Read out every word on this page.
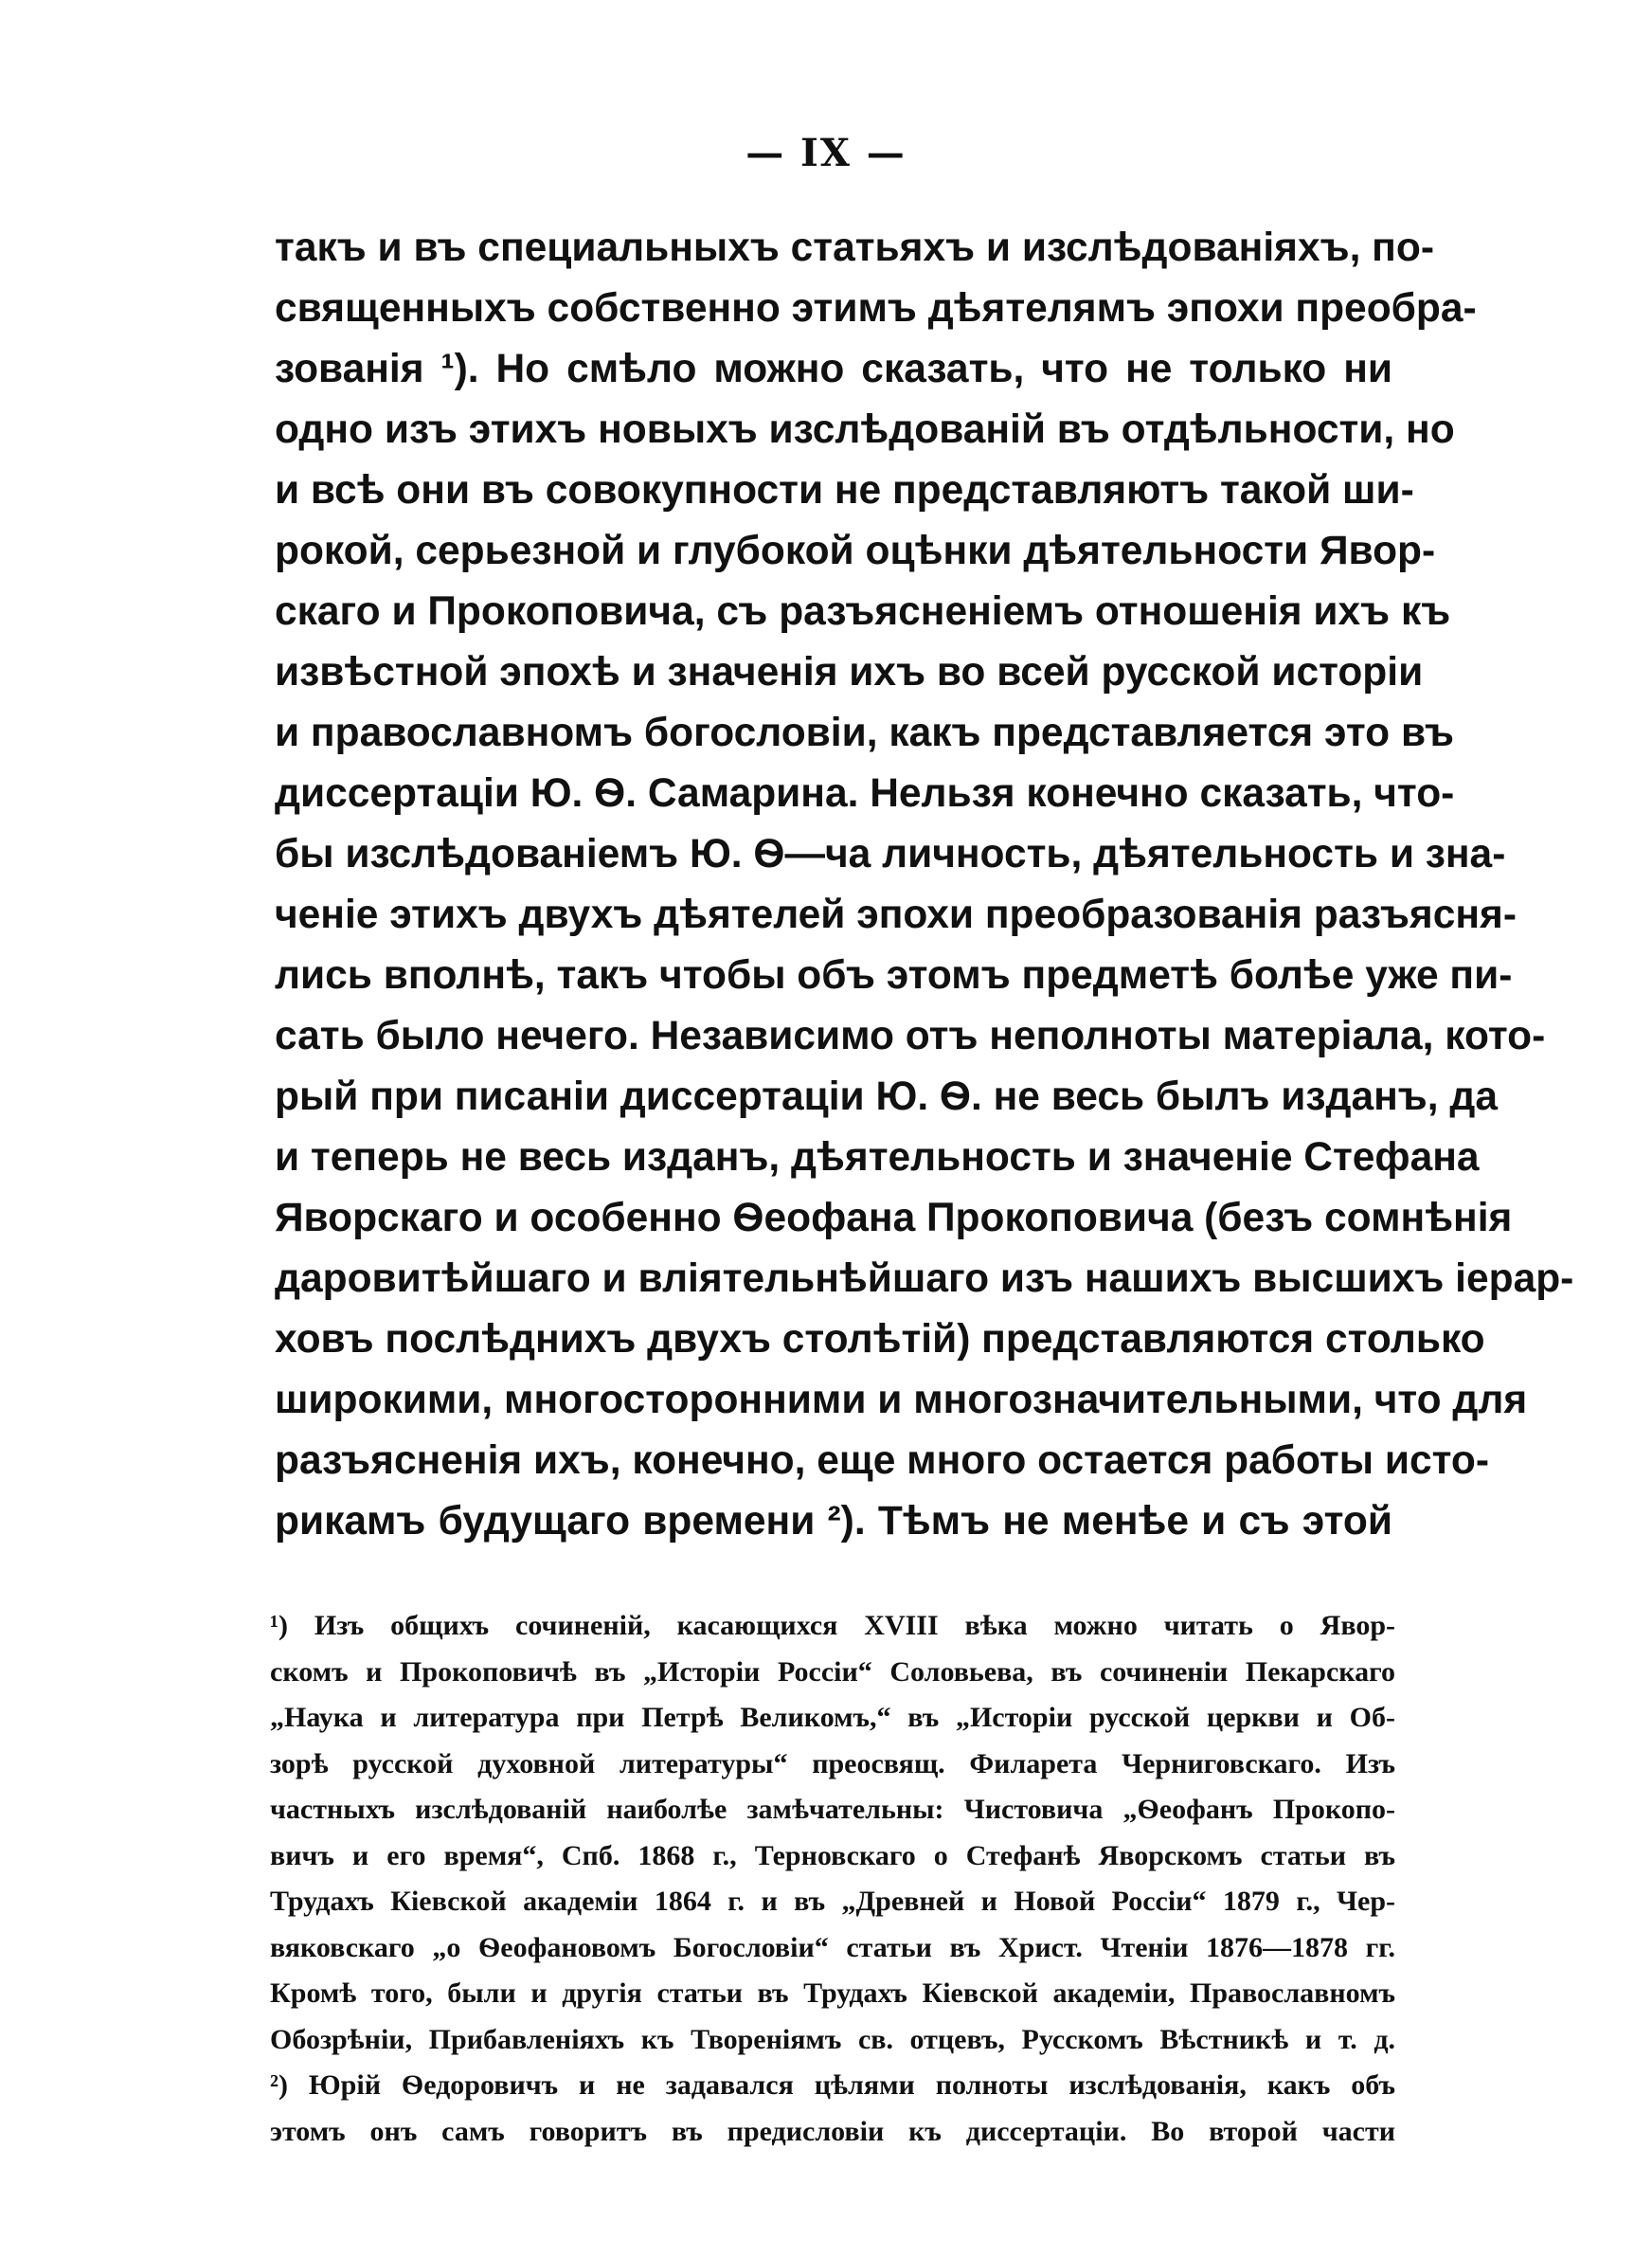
— IX —
такъ и въ специальныхъ статьяхъ и изслѣдованiяхъ, по-
священныхъ собственно этимъ дѣятелямъ эпохи преобра-
зованiя ¹). Но смѣло можно сказать, что не только ни
одно изъ этихъ новыхъ изслѣдованiй въ отдѣльности, но
и всѣ они въ совокупности не представляютъ такой ши-
рокой, серьезной и глубокой оцѣнки дѣятельности Явор-
скаго и Прокоповича, съ разъясненiемъ отношенiя ихъ къ
извѣстной эпохѣ и значенiя ихъ во всей русской исторiи
и православномъ богословiи, какъ представляется это въ
диссертацiи Ю. Ѳ. Самарина. Нельзя конечно сказать, что-
бы изслѣдованiемъ Ю. Ѳ—ча личность, дѣятельность и зна-
ченiе этихъ двухъ дѣятелей эпохи преобразованiя разъясня-
лись вполнѣ, такъ чтобы объ этомъ предметѣ болѣе уже пи-
сать было нечего. Независимо отъ неполноты матерiала, кото-
рый при писанiи диссертацiи Ю. Ѳ. не весь былъ изданъ, да
и теперь не весь изданъ, дѣятельность и значенiе Стефана
Яворскаго и особенно Ѳеофана Прокоповича (безъ сомнѣнiя
даровитѣйшаго и влiятельнѣйшаго изъ нашихъ высшихъ iерар-
ховъ послѣднихъ двухъ столѣтiй) представляются столько
широкими, многосторонними и многозначительными, что для
разъясненiя ихъ, конечно, еще много остается работы исто-
рикамъ будущаго времени ²). Тѣмъ не менѣе и съ этой
¹) Изъ общихъ сочиненiй, касающихся XVIII вѣка можно читать о Явор-
скомъ и Прокоповичѣ въ „Исторiи Россiи“ Соловьева, въ сочиненiи Пекарскаго
„Наука и литература при Петрѣ Великомъ,“ въ „Исторiи русской церкви и Об-
зорѣ русской духовной литературы“ преосвящ. Филарета Черниговскаго. Изъ
частныхъ изслѣдованiй наиболѣе замѣчательны: Чистовича „Ѳеофанъ Прокопо-
вичъ и его время“, Спб. 1868 г., Терновскаго о Стефанѣ Яворскомъ статьи въ
Трудахъ Кiевской академiи 1864 г. и въ „Древней и Новой Россiи“ 1879 г., Чер-
вяковскаго „о Ѳеофановомъ Богословiи“ статьи въ Христ. Чтенiи 1876—1878 гг.
Кромѣ того, были и другiя статьи въ Трудахъ Кiевской академiи, Православномъ
Обозрѣнiи, Прибавленiяхъ къ Творенiямъ св. отцевъ, Русскомъ Вѣстникѣ и т. д.
²) Юрiй Ѳедоровичъ и не задавался цѣлями полноты изслѣдованiя, какъ объ
этомъ онъ самъ говоритъ въ предисловiи къ диссертацiи. Во второй части
